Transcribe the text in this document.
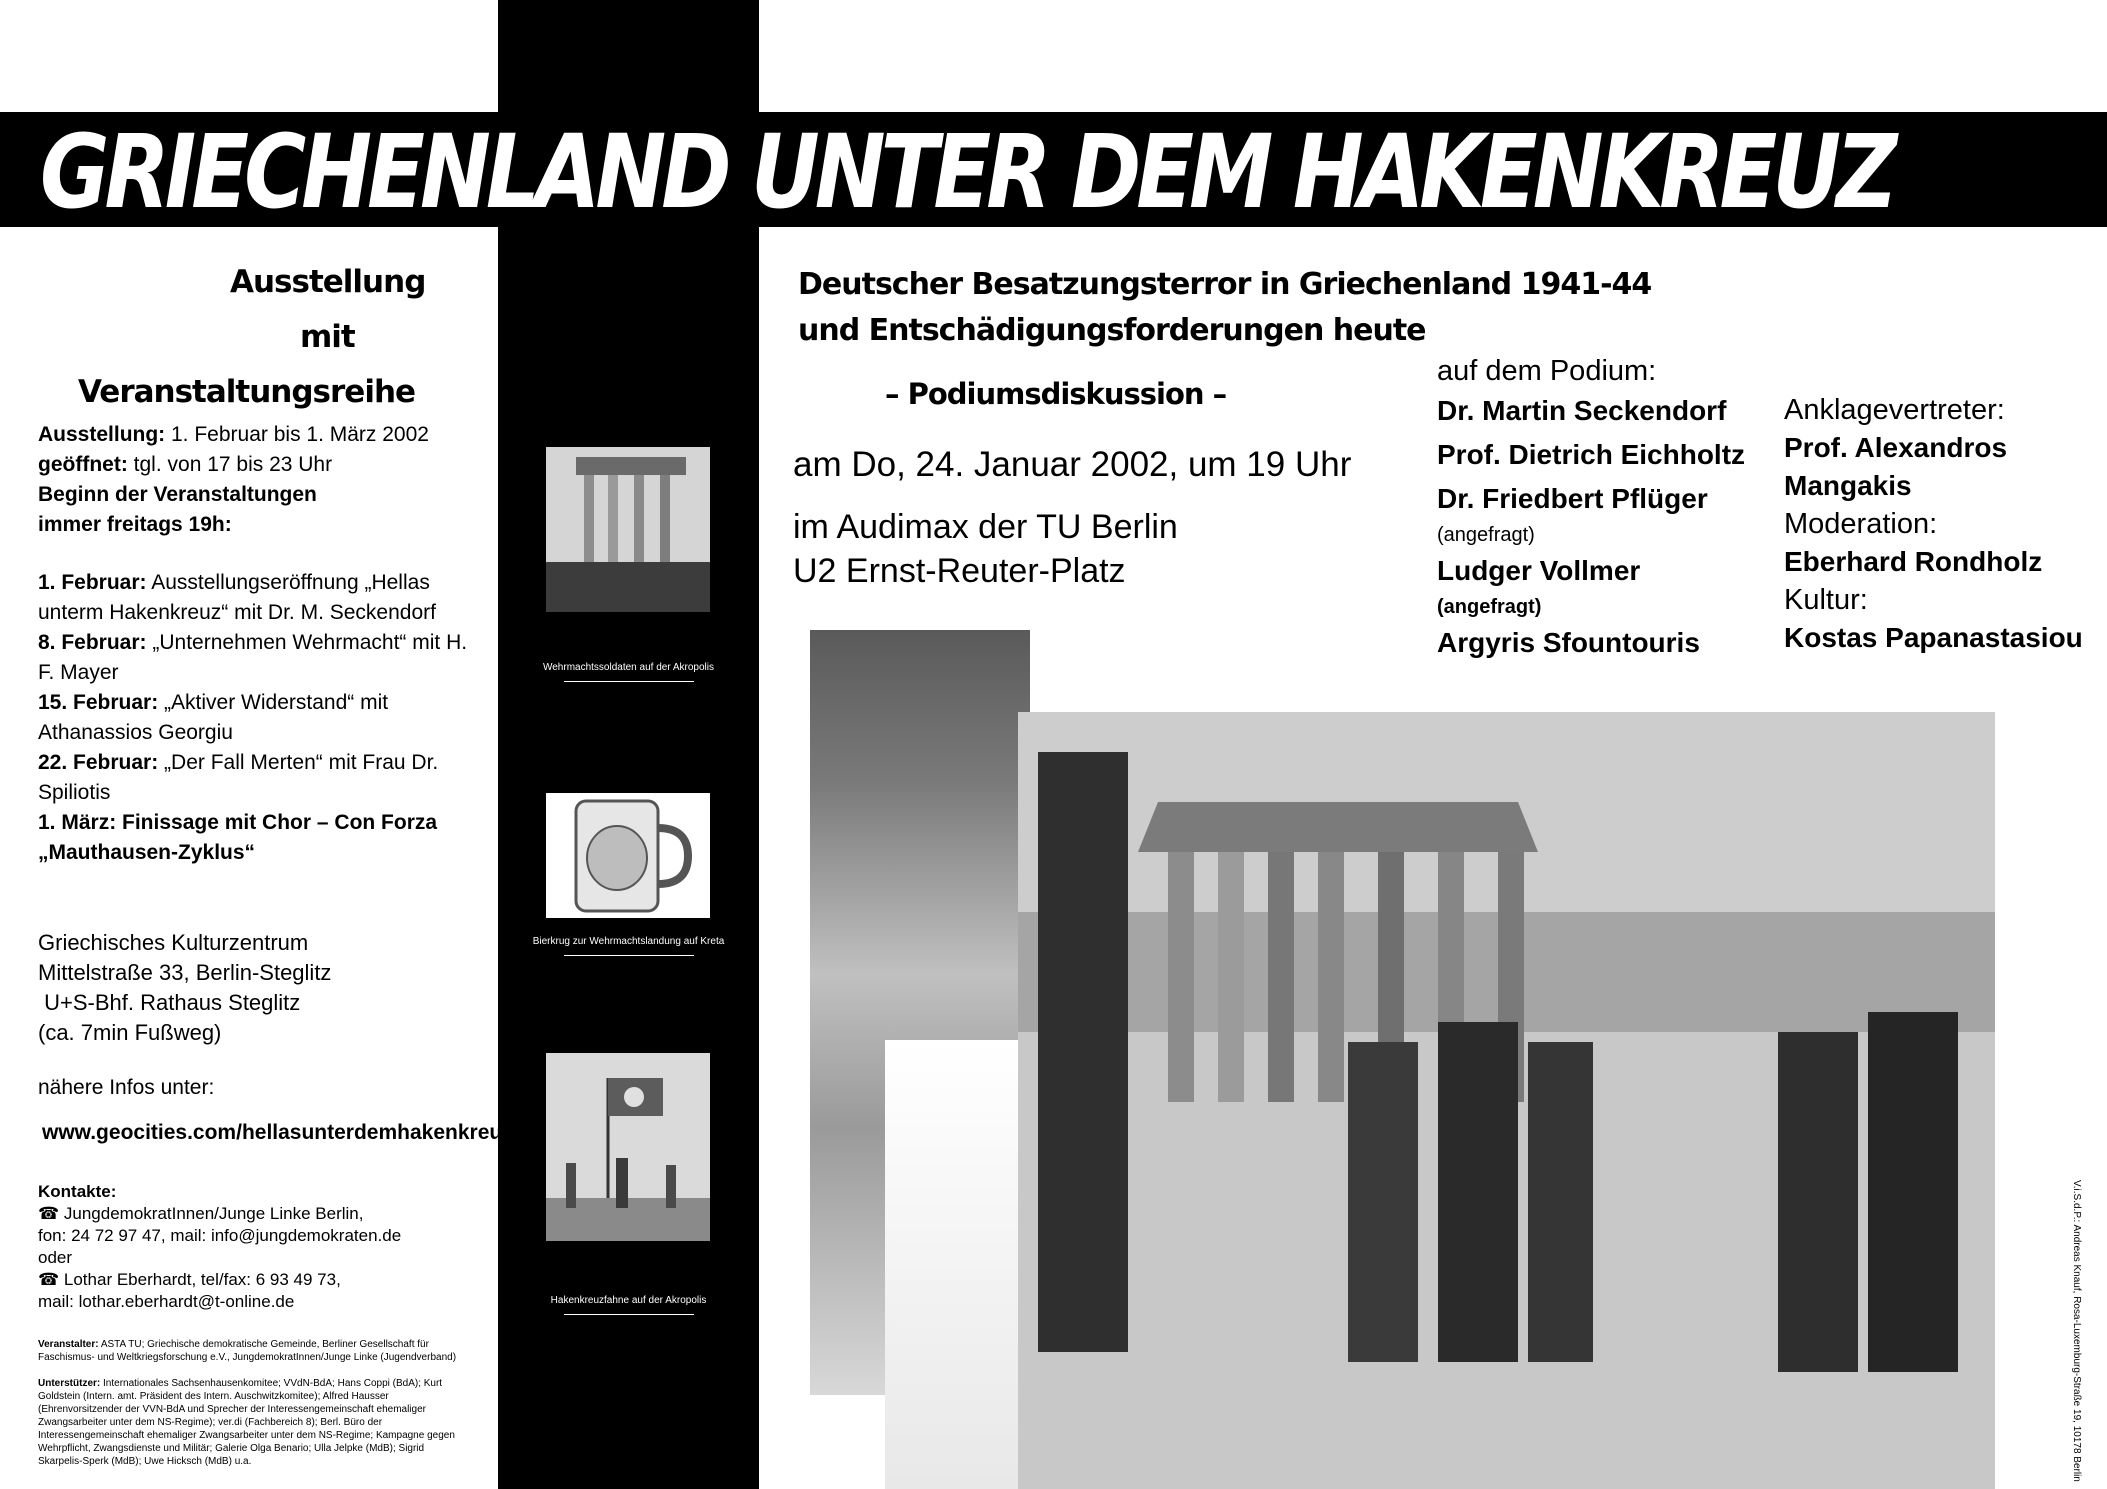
GRIECHENLAND UNTER DEM HAKENKREUZ
Ausstellung
mit
Veranstaltungsreihe
Ausstellung: 1. Februar bis 1. März 2002
geöffnet: tgl. von 17 bis 23 Uhr
Beginn der Veranstaltungen
immer freitags 19h:
1. Februar: Ausstellungseröffnung „Hellas unterm Hakenkreuz“ mit Dr. M. Seckendorf
8. Februar: „Unternehmen Wehrmacht“ mit H. F. Mayer
15. Februar: „Aktiver Widerstand“ mit Athanassios Georgiu
22. Februar: „Der Fall Merten“ mit Frau Dr. Spiliotis
1. März: Finissage mit Chor – Con Forza „Mauthausen-Zyklus“
Griechisches Kulturzentrum
Mittelstraße 33, Berlin-Steglitz
U+S-Bhf. Rathaus Steglitz
(ca. 7min Fußweg)
nähere Infos unter:
www.geocities.com/hellasunterdemhakenkreuz
Kontakte:
☎ JungdemokratInnen/Junge Linke Berlin,
fon: 24 72 97 47, mail: info@jungdemokraten.de
oder
☎ Lothar Eberhardt, tel/fax: 6 93 49 73,
mail: lothar.eberhardt@t-online.de
Veranstalter: ASTA TU; Griechische demokratische Gemeinde, Berliner Gesellschaft für Faschismus- und Weltkriegsforschung e.V., JungdemokratInnen/Junge Linke (Jugendverband)
Unterstützer: Internationales Sachsenhausenkomitee; VVdN-BdA; Hans Coppi (BdA); Kurt Goldstein (Intern. amt. Präsident des Intern. Auschwitzkomitee); Alfred Hausser (Ehrenvorsitzender der VVN-BdA und Sprecher der Interessengemeinschaft ehemaliger Zwangsarbeiter unter dem NS-Regime); ver.di (Fachbereich 8); Berl. Büro der Interessengemeinschaft ehemaliger Zwangsarbeiter unter dem NS-Regime; Kampagne gegen Wehrpflicht, Zwangsdienste und Militär; Galerie Olga Benario; Ulla Jelpke (MdB); Sigrid Skarpelis-Sperk (MdB); Uwe Hicksch (MdB) u.a.
Wehrmachtssoldaten auf der Akropolis
Bierkrug zur Wehrmachtslandung auf Kreta
Hakenkreuzfahne auf der Akropolis
Deutscher Besatzungsterror in Griechenland 1941-44
und Entschädigungsforderungen heute
– Podiumsdiskussion –
am Do, 24. Januar 2002, um 19 Uhr
im Audimax der TU Berlin
U2 Ernst-Reuter-Platz
auf dem Podium:
Dr. Martin Seckendorf
Prof. Dietrich Eichholtz
Dr. Friedbert Pflüger
(angefragt)
Ludger Vollmer
(angefragt)
Argyris Sfountouris
Anklagevertreter:
Prof. Alexandros
Mangakis
Moderation:
Eberhard Rondholz
Kultur:
Kostas Papanastasiou
V.i.S.d.P.: Andreas Knauf, Rosa-Luxemburg-Straße 19, 10178 Berlin
